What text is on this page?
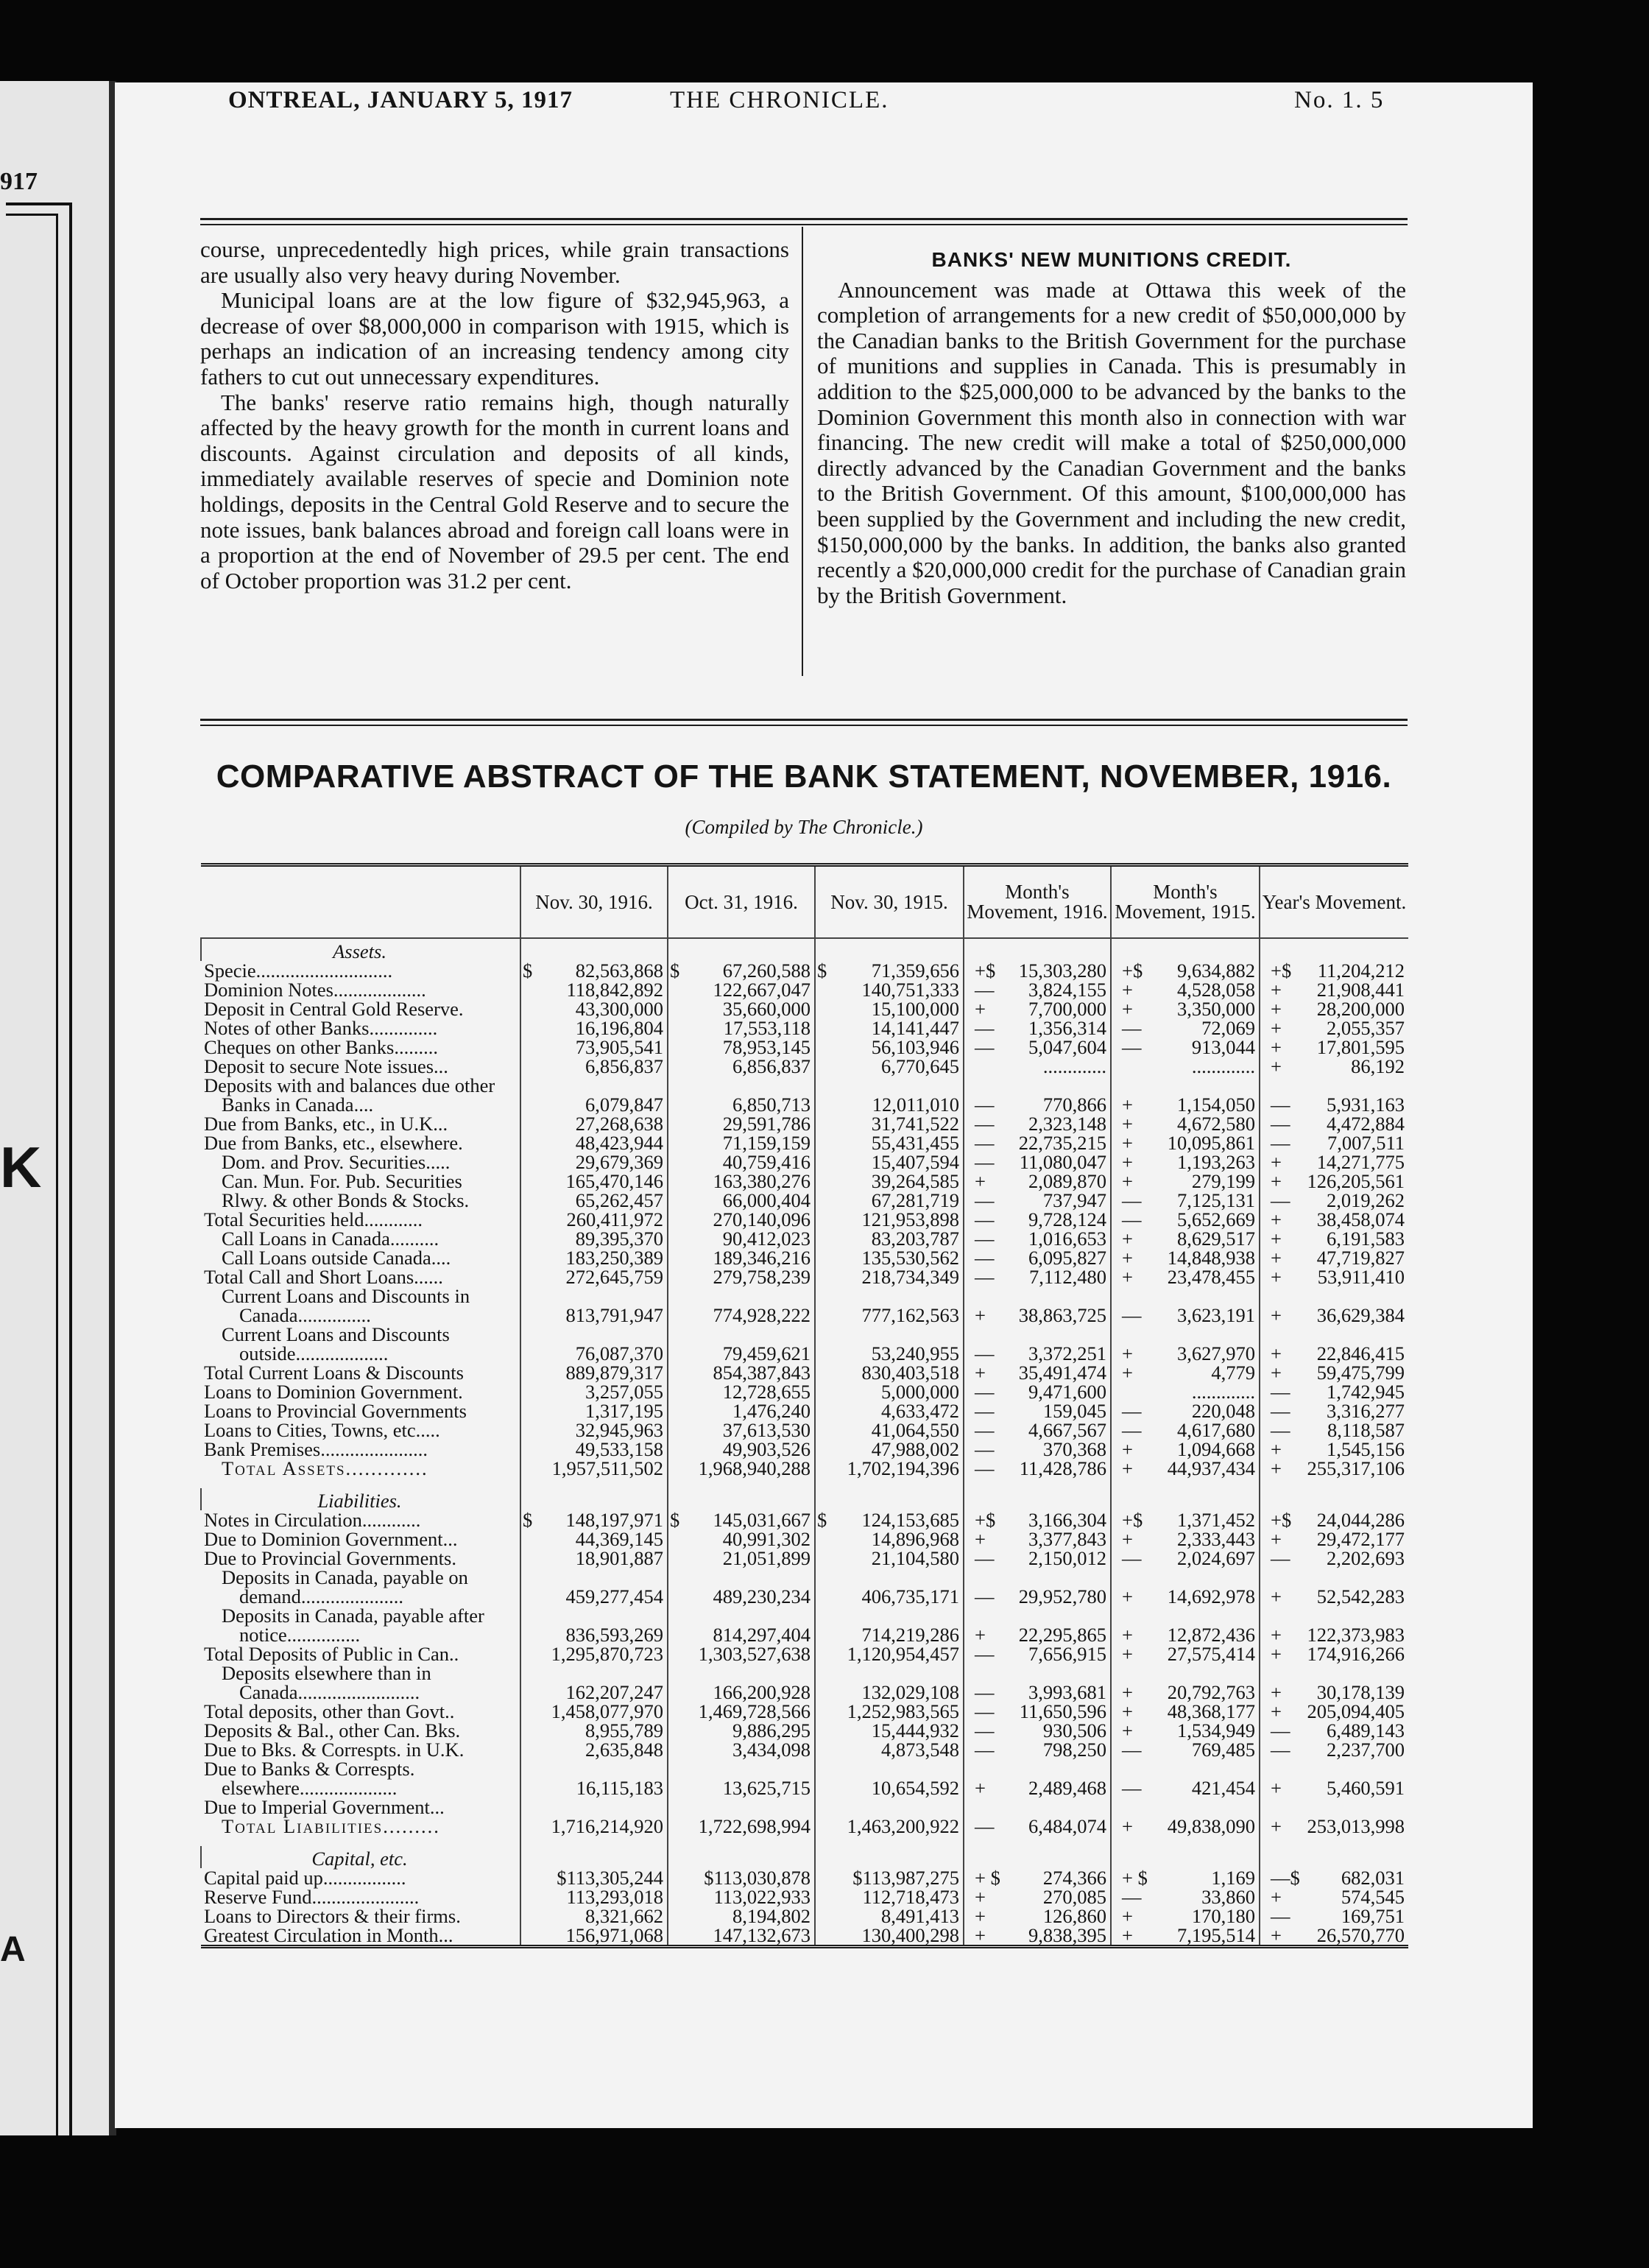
917
K
A
ONTREAL, JANUARY 5, 1917	THE CHRONICLE.	No. 1. 5

course, unprecedentedly high prices, while grain transactions are usually also very heavy during November.

Municipal loans are at the low figure of $32,945,963, a decrease of over $8,000,000 in comparison with 1915, which is perhaps an indication of an increasing tendency among city fathers to cut out unnecessary expenditures.

The banks' reserve ratio remains high, though naturally affected by the heavy growth for the month in current loans and discounts. Against circulation and deposits of all kinds, immediately available reserves of specie and Dominion note holdings, deposits in the Central Gold Reserve and to secure the note issues, bank balances abroad and foreign call loans were in a proportion at the end of November of 29.5 per cent. The end of October proportion was 31.2 per cent.

BANKS' NEW MUNITIONS CREDIT.

Announcement was made at Ottawa this week of the completion of arrangements for a new credit of $50,000,000 by the Canadian banks to the British Government for the purchase of munitions and supplies in Canada. This is presumably in addition to the $25,000,000 to be advanced by the banks to the Dominion Government this month also in connection with war financing. The new credit will make a total of $250,000,000 directly advanced by the Canadian Government and the banks to the British Government. Of this amount, $100,000,000 has been supplied by the Government and including the new credit, $150,000,000 by the banks. In addition, the banks also granted recently a $20,000,000 credit for the purchase of Canadian grain by the British Government.

COMPARATIVE ABSTRACT OF THE BANK STATEMENT, NOVEMBER, 1916.
(Compiled by The Chronicle.)
	Nov. 30, 1916.	Oct. 31, 1916.	Nov. 30, 1915.	Month's Movement, 1916.	Month's Movement, 1915.	Year's Movement.
Assets.						
Specie............................	$ 82,563,868	$ 67,260,588	$ 71,359,656	+$ 15,303,280	+$ 9,634,882	+$ 11,204,212
Dominion Notes...................	118,842,892	122,667,047	140,751,333	— 3,824,155	+ 4,528,058	+ 21,908,441
Deposit in Central Gold Reserve.	43,300,000	35,660,000	15,100,000	+ 7,700,000	+ 3,350,000	+ 28,200,000
Notes of other Banks..............	16,196,804	17,553,118	14,141,447	— 1,356,314	— 72,069	+ 2,055,357
Cheques on other Banks.........	73,905,541	78,953,145	56,103,946	— 5,047,604	— 913,044	+ 17,801,595
Deposit to secure Note issues...	6,856,837	6,856,837	6,770,645	.............	.............	+ 86,192
Deposits with and balances due other Banks in Canada....	6,079,847	6,850,713	12,011,010	— 770,866	+ 1,154,050	— 5,931,163
Due from Banks, etc., in U.K...	27,268,638	29,591,786	31,741,522	— 2,323,148	+ 4,672,580	— 4,472,884
Due from Banks, etc., elsewhere.	48,423,944	71,159,159	55,431,455	— 22,735,215	+ 10,095,861	— 7,007,511
Dom. and Prov. Securities.....	29,679,369	40,759,416	15,407,594	— 11,080,047	+ 1,193,263	+ 14,271,775
Can. Mun. For. Pub. Securities	165,470,146	163,380,276	39,264,585	+ 2,089,870	+ 279,199	+ 126,205,561
Rlwy. & other Bonds & Stocks.	65,262,457	66,000,404	67,281,719	— 737,947	— 7,125,131	— 2,019,262
Total Securities held............	260,411,972	270,140,096	121,953,898	— 9,728,124	— 5,652,669	+ 38,458,074
Call Loans in Canada..........	89,395,370	90,412,023	83,203,787	— 1,016,653	+ 8,629,517	+ 6,191,583
Call Loans outside Canada....	183,250,389	189,346,216	135,530,562	— 6,095,827	+ 14,848,938	+ 47,719,827
Total Call and Short Loans......	272,645,759	279,758,239	218,734,349	— 7,112,480	+ 23,478,455	+ 53,911,410
Current Loans and Discounts in Canada...............	813,791,947	774,928,222	777,162,563	+ 38,863,725	— 3,623,191	+ 36,629,384
Current Loans and Discounts outside...................	76,087,370	79,459,621	53,240,955	— 3,372,251	+ 3,627,970	+ 22,846,415
Total Current Loans & Discounts	889,879,317	854,387,843	830,403,518	+ 35,491,474	+ 4,779	+ 59,475,799
Loans to Dominion Government.	3,257,055	12,728,655	5,000,000	— 9,471,600	.............	— 1,742,945
Loans to Provincial Governments	1,317,195	1,476,240	4,633,472	— 159,045	— 220,048	— 3,316,277
Loans to Cities, Towns, etc.....	32,945,963	37,613,530	41,064,550	— 4,667,567	— 4,617,680	— 8,118,587
Bank Premises......................	49,533,158	49,903,526	47,988,002	— 370,368	+ 1,094,668	+ 1,545,156
Total Assets.............	1,957,511,502	1,968,940,288	1,702,194,396	— 11,428,786	+ 44,937,434	+ 255,317,106

Liabilities.						
Notes in Circulation............	$ 148,197,971	$ 145,031,667	$ 124,153,685	+$ 3,166,304	+$ 1,371,452	+$ 24,044,286
Due to Dominion Government...	44,369,145	40,991,302	14,896,968	+ 3,377,843	+ 2,333,443	+ 29,472,177
Due to Provincial Governments.	18,901,887	21,051,899	21,104,580	— 2,150,012	— 2,024,697	— 2,202,693
Deposits in Canada, payable on demand.....................	459,277,454	489,230,234	406,735,171	— 29,952,780	+ 14,692,978	+ 52,542,283
Deposits in Canada, payable after notice...............	836,593,269	814,297,404	714,219,286	+ 22,295,865	+ 12,872,436	+ 122,373,983
Total Deposits of Public in Can..	1,295,870,723	1,303,527,638	1,120,954,457	— 7,656,915	+ 27,575,414	+ 174,916,266
Deposits elsewhere than in Canada.........................	162,207,247	166,200,928	132,029,108	— 3,993,681	+ 20,792,763	+ 30,178,139
Total deposits, other than Govt..	1,458,077,970	1,469,728,566	1,252,983,565	— 11,650,596	+ 48,368,177	+ 205,094,405
Deposits & Bal., other Can. Bks.	8,955,789	9,886,295	15,444,932	— 930,506	+ 1,534,949	— 6,489,143
Due to Bks. & Correspts. in U.K.	2,635,848	3,434,098	4,873,548	— 798,250	— 769,485	— 2,237,700
Due to Banks & Correspts. elsewhere....................	16,115,183	13,625,715	10,654,592	+ 2,489,468	— 421,454	+ 5,460,591
Due to Imperial Government...				

Total Liabilities.........	1,716,214,920	1,722,698,994	1,463,200,922	— 6,484,074	+ 49,838,090	+ 253,013,998

Capital, etc.						
Capital paid up.................	$113,305,244	$113,030,878	$113,987,275	+ $ 274,366	+ $ 1,169	—$ 682,031
Reserve Fund......................	113,293,018	113,022,933	112,718,473	+ 270,085	— 33,860	+ 574,545
Loans to Directors & their firms.	8,321,662	8,194,802	8,491,413	+ 126,860	+ 170,180	— 169,751
Greatest Circulation in Month...	156,971,068	147,132,673	130,400,298	+ 9,838,395	+ 7,195,514	+ 26,570,770
